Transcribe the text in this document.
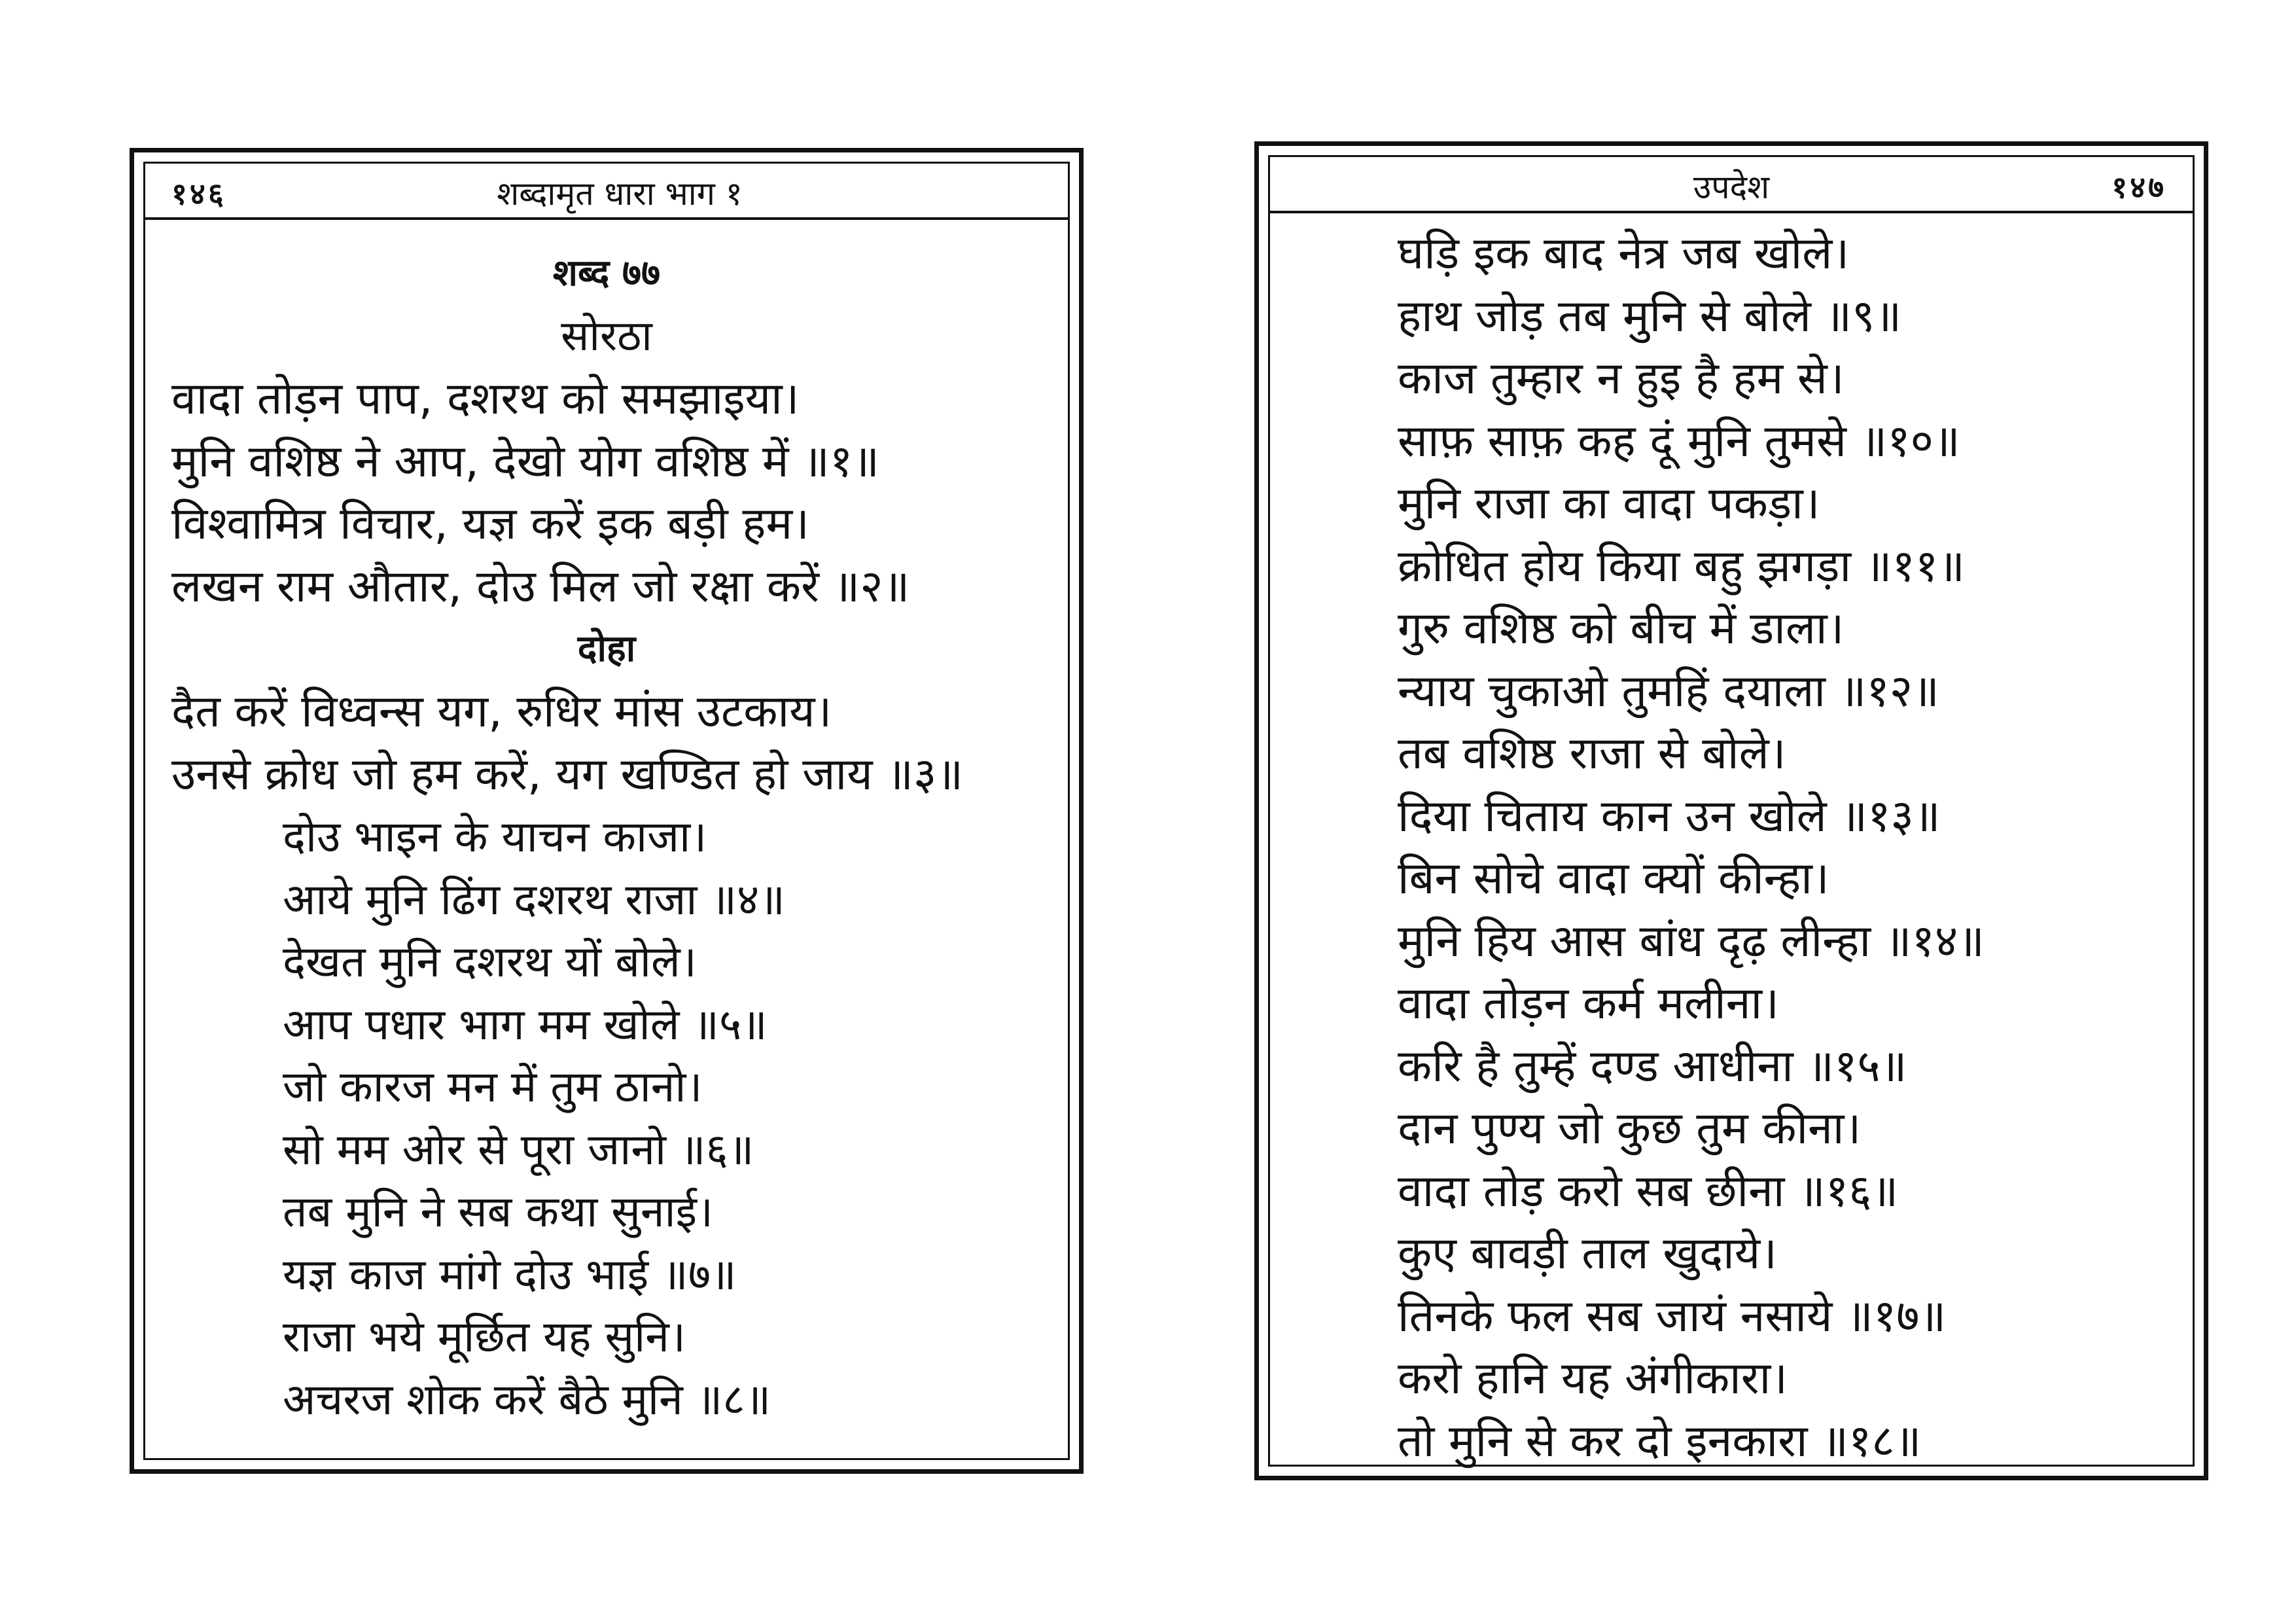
१४६	शब्दामृत धारा भाग १
शब्द ७७
सोरठा
वादा तोड़न पाप, दशरथ को समझाइया।
मुनि वशिष्ठ ने आप, देखो योग वशिष्ठ में ॥१॥
विश्वामित्र विचार, यज्ञ करें इक बड़ी हम।
लखन राम औतार, दोउ मिल जो रक्षा करें ॥२॥
दोहा
दैत करें विध्वन्स यग, रुधिर मांस उटकाय।
उनसे क्रोध जो हम करें, यग खण्डित हो जाय ॥३॥
दोउ भाइन के याचन काजा।
आये मुनि ढिंग दशरथ राजा ॥४॥
देखत मुनि दशरथ यों बोले।
आप पधार भाग मम खोले ॥५॥
जो कारज मन में तुम ठानो।
सो मम ओर से पूरा जानो ॥६॥
तब मुनि ने सब कथा सुनाई।
यज्ञ काज मांगे दोउ भाई ॥७॥
राजा भये मूर्छित यह सुनि।
अचरज शोक करें बैठे मुनि ॥८॥
उपदेश	१४७
घड़ि इक बाद नेत्र जब खोले।
हाथ जोड़ तब मुनि से बोले ॥९॥
काज तुम्हार न हुइ है हम से।
साफ़ साफ़ कह दूं मुनि तुमसे ॥१०॥
मुनि राजा का वादा पकड़ा।
क्रोधित होय किया बहु झगड़ा ॥११॥
गुरु वशिष्ठ को बीच में डाला।
न्याय चुकाओ तुमहिं दयाला ॥१२॥
तब वशिष्ठ राजा से बोले।
दिया चिताय कान उन खोले ॥१३॥
बिन सोचे वादा क्यों कीन्हा।
मुनि हिय आस बांध दृढ़ लीन्हा ॥१४॥
वादा तोड़न कर्म मलीना।
करि है तुम्हें दण्ड आधीना ॥१५॥
दान पुण्य जो कुछ तुम कीना।
वादा तोड़ करो सब छीना ॥१६॥
कुए बावड़ी ताल खुदाये।
तिनके फल सब जायं नसाये ॥१७॥
करो हानि यह अंगीकारा।
तो मुनि से कर दो इनकारा ॥१८॥
